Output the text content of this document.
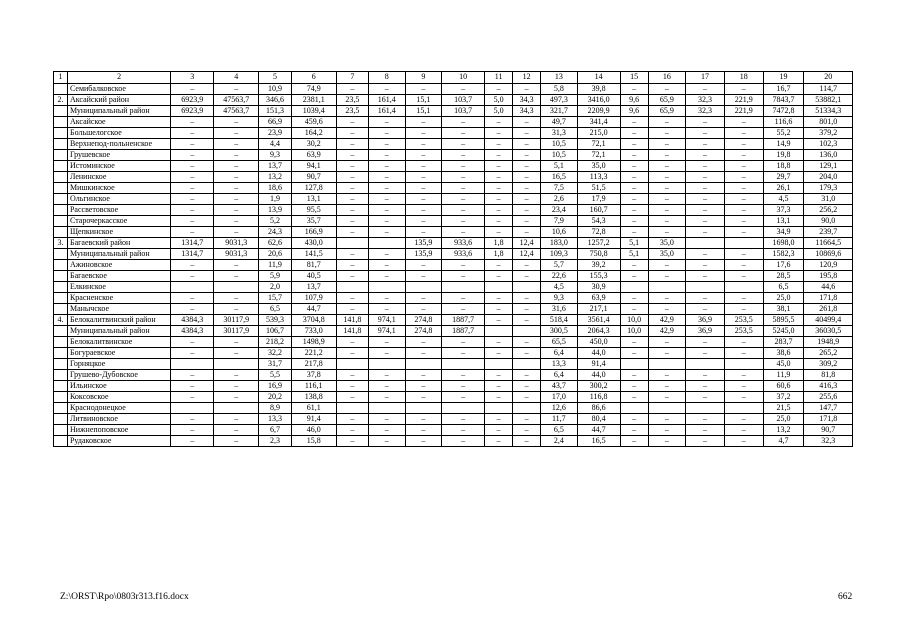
1	2	3	4	5	6	7	8	9	10	11	12	13	14	15	16	17	18	19	20
	Семибалковское	–	–	10,9	74,9	–	–	–	–	–	–	5,8	39,8	–	–	–	–	16,7	114,7
2.	Аксайский район	6923,9	47563,7	346,6	2381,1	23,5	161,4	15,1	103,7	5,0	34,3	497,3	3416,0	9,6	65,9	32,3	221,9	7843,7	53882,1
	Муниципальный район	6923,9	47563,7	151,3	1039,4	23,5	161,4	15,1	103,7	5,0	34,3	321,7	2209,9	9,6	65,9	32,3	221,9	7472,8	51334,3
	Аксайское	–	–	66,9	459,6	–	–	–	–	–	–	49,7	341,4	–	–	–	–	116,6	801,0
	Большелогское	–	–	23,9	164,2	–	–	–	–	–	–	31,3	215,0	–	–	–	–	55,2	379,2
	Верхнепод-польненское	–	–	4,4	30,2	–	–	–	–	–	–	10,5	72,1	–	–	–	–	14,9	102,3
	Грушевское	–	–	9,3	63,9	–	–	–	–	–	–	10,5	72,1	–	–	–	–	19,8	136,0
	Истоминское	–	–	13,7	94,1	–	–	–	–	–	–	5,1	35,0	–	–	–	–	18,8	129,1
	Ленинское	–	–	13,2	90,7	–	–	–	–	–	–	16,5	113,3	–	–	–	–	29,7	204,0
	Мишкинское	–	–	18,6	127,8	–	–	–	–	–	–	7,5	51,5	–	–	–	–	26,1	179,3
	Ольгинское	–	–	1,9	13,1	–	–	–	–	–	–	2,6	17,9	–	–	–	–	4,5	31,0
	Рассветовское	–	–	13,9	95,5	–	–	–	–	–	–	23,4	160,7	–	–	–	–	37,3	256,2
	Старочеркасское	–	–	5,2	35,7	–	–	–	–	–	–	7,9	54,3	–	–	–	–	13,1	90,0
	Щепкинское	–	–	24,3	166,9	–	–	–	–	–	–	10,6	72,8	–	–	–	–	34,9	239,7
3.	Багаевский район	1314,7	9031,3	62,6	430,0			135,9	933,6	1,8	12,4	183,0	1257,2	5,1	35,0			1698,0	11664,5
	Муниципальный район	1314,7	9031,3	20,6	141,5	–	–	135,9	933,6	1,8	12,4	109,3	750,8	5,1	35,0	–	–	1582,3	10869,6
	Ажиновское	–	–	11,9	81,7	–	–	–	–	–	–	5,7	39,2	–	–	–	–	17,6	120,9
	Багаевское	–	–	5,9	40,5	–	–	–	–	–	–	22,6	155,3	–	–	–	–	28,5	195,8
	Елкинское			2,0	13,7							4,5	30,9					6,5	44,6
	Красненское	–	–	15,7	107,9	–	–	–	–	–	–	9,3	63,9	–	–	–	–	25,0	171,8
	Манычское	–	–	6,5	44,7	–	–	–	–	–	–	31,6	217,1	–	–	–	–	38,1	261,8
4.	Белокалитвинский район	4384,3	30117,9	539,3	3704,8	141,8	974,1	274,8	1887,7	–	–	518,4	3561,4	10,0	42,9	36,9	253,5	5895,5	40499,4
	Муниципальный район	4384,3	30117,9	106,7	733,0	141,8	974,1	274,8	1887,7			300,5	2064,3	10,0	42,9	36,9	253,5	5245,0	36030,5
	Белокалитвинское	–	–	218,2	1498,9	–	–	–	–	–	–	65,5	450,0	–	–	–	–	283,7	1948,9
	Богураевское	–	–	32,2	221,2	–	–	–	–	–	–	6,4	44,0	–	–	–	–	38,6	265,2
	Горняцкое			31,7	217,8							13,3	91,4					45,0	309,2
	Грушево-Дубовское	–	–	5,5	37,8	–	–	–	–	–	–	6,4	44,0	–	–	–	–	11,9	81,8
	Ильинское	–	–	16,9	116,1	–	–	–	–	–	–	43,7	300,2	–	–	–	–	60,6	416,3
	Коксовское	–	–	20,2	138,8	–	–	–	–	–	–	17,0	116,8	–	–	–	–	37,2	255,6
	Краснодонецкое			8,9	61,1							12,6	86,6					21,5	147,7
	Литвиновское	–	–	13,3	91,4	–	–	–	–	–	–	11,7	80,4	–	–	–	–	25,0	171,8
	Нижнепоповское	–	–	6,7	46,0	–	–	–	–	–	–	6,5	44,7	–	–	–	–	13,2	90,7
	Рудаковское	–	–	2,3	15,8	–	–	–	–	–	–	2,4	16,5	–	–	–	–	4,7	32,3
Z:\ORST\Rpo\0803r313.f16.docx	662
